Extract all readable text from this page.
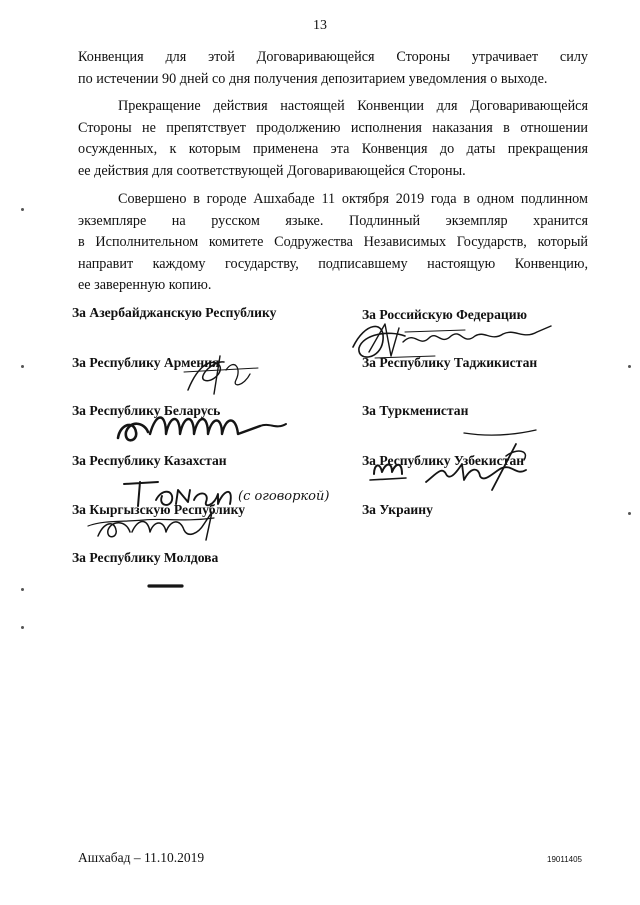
13
Конвенция для этой Договаривающейся Стороны утрачивает силу
по истечении 90 дней со дня получения депозитарием уведомления о выходе.
Прекращение действия настоящей Конвенции для Договаривающейся
Стороны не препятствует продолжению исполнения наказания в отношении
осужденных, к которым применена эта Конвенция до даты прекращения
ее действия для соответствующей Договаривающейся Стороны.
Совершено в городе Ашхабаде 11 октября 2019 года в одном подлинном
экземпляре на русском языке. Подлинный экземпляр хранится
в Исполнительном комитете Содружества Независимых Государств, который
направит каждому государству, подписавшему настоящую Конвенцию,
ее заверенную копию.
За Азербайджанскую Республику
За Республику Армения
За Республику Беларусь
За Республику Казахстан
За Кыргызскую Республику
За Республику Молдова
За Российскую Федерацию
За Республику Таджикистан
За Туркменистан
За Республику Узбекистан
За Украину
(с оговоркой)
Ашхабад – 11.10.2019	19011405
